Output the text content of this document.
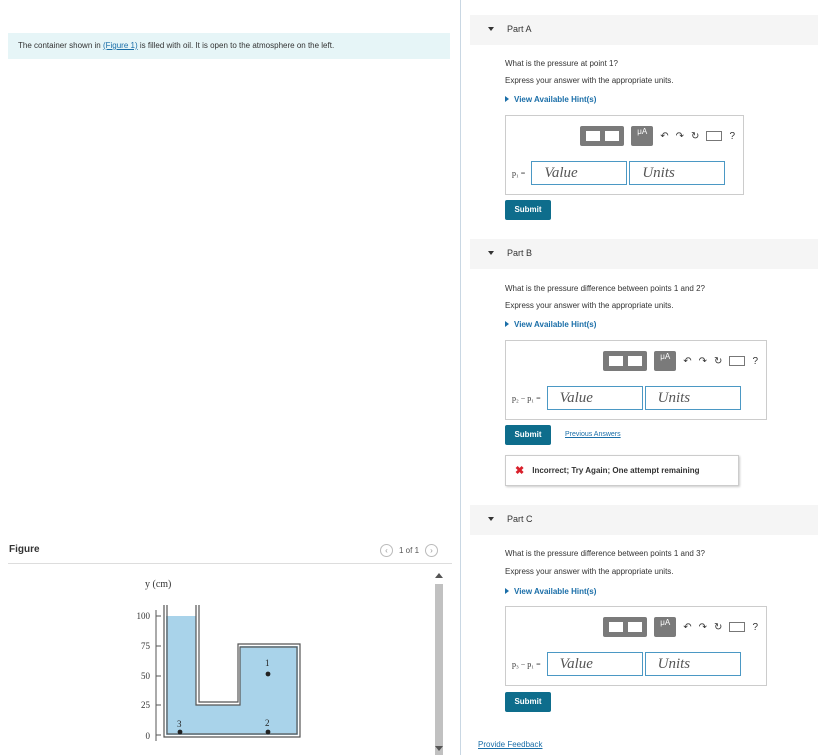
The container shown in (Figure 1) is filled with oil. It is open to the atmosphere on the left.
Figure	‹	1 of 1	›
y (cm)
100
75
50
25
0
1
2
3
Part A
What is the pressure at point 1?
Express your answer with the appropriate units.
View Available Hint(s)
μA	↶ ↷ ↻	?
p₁ =	Value	Units
Submit
Part B
What is the pressure difference between points 1 and 2?
Express your answer with the appropriate units.
View Available Hint(s)
μA	↶ ↷ ↻	?
p₂ − p₁ =	Value	Units
Submit	Previous Answers
✖ Incorrect; Try Again; One attempt remaining
Part C
What is the pressure difference between points 1 and 3?
Express your answer with the appropriate units.
View Available Hint(s)
μA	↶ ↷ ↻	?
p₃ − p₁ =	Value	Units
Submit
Provide Feedback
